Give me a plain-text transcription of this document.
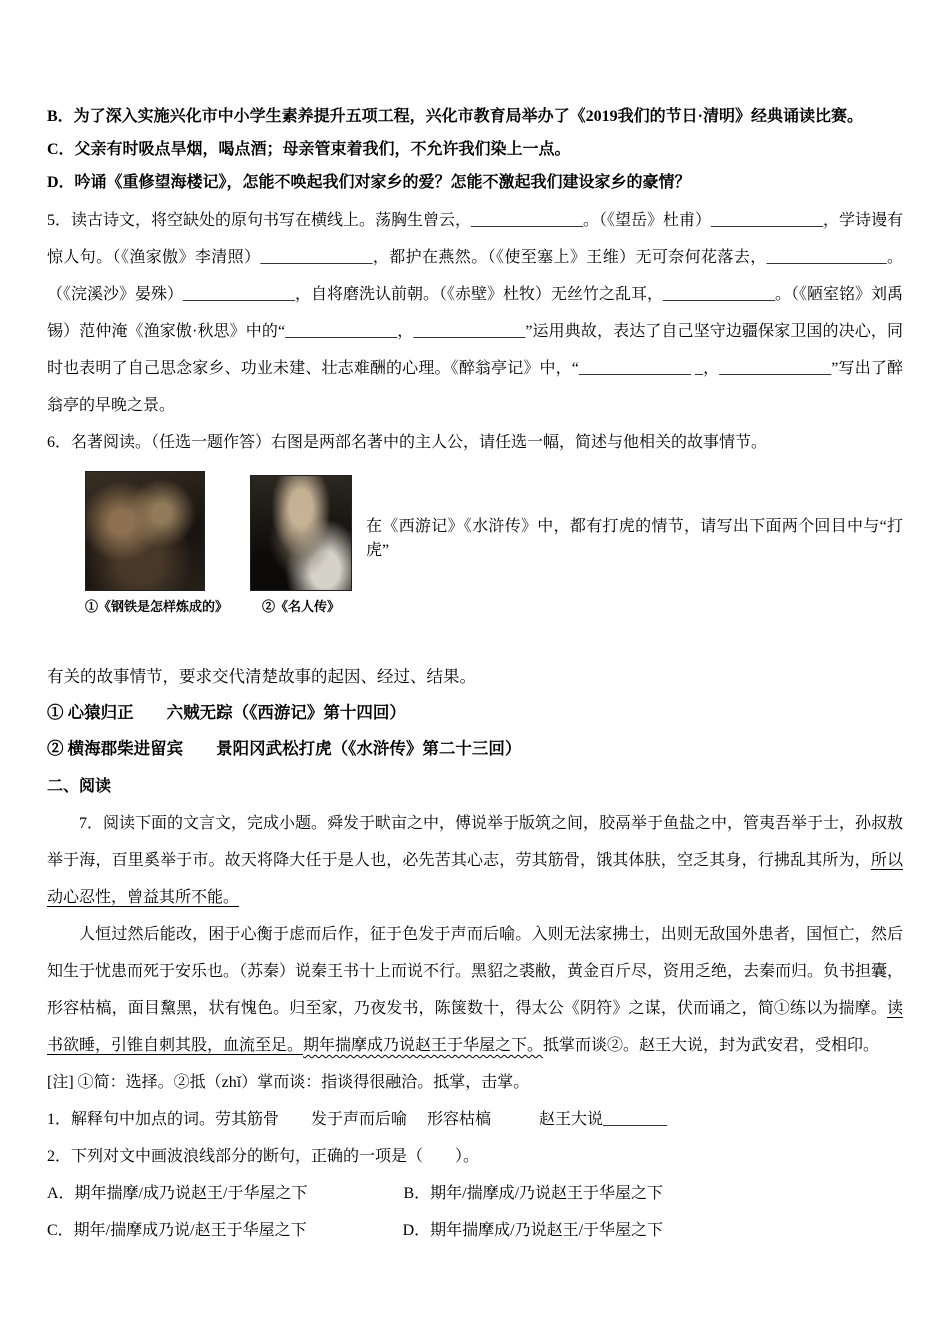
B．为了深入实施兴化市中小学生素养提升五项工程，兴化市教育局举办了《2019我们的节日·清明》经典诵读比赛。

C．父亲有时吸点旱烟，喝点酒；母亲管束着我们，不允许我们染上一点。

D．吟诵《重修望海楼记》，怎能不唤起我们对家乡的爱？怎能不激起我们建设家乡的豪情？

5．读古诗文，将空缺处的原句书写在横线上。荡胸生曾云，______________。（《望岳》杜甫）______________，学诗谩有惊人句。（《渔家傲》李清照）______________，都护在燕然。（《使至塞上》王维）无可奈何花落去，_______________。（《浣溪沙》晏殊）______________，自将磨洗认前朝。（《赤壁》杜牧）无丝竹之乱耳，______________。（《陋室铭》刘禹锡）范仲淹《渔家傲·秋思》中的“______________，______________”运用典故，表达了自己坚守边疆保家卫国的决心，同时也表明了自己思念家乡、功业未建、壮志难酬的心理。《醉翁亭记》中，“______________ _，______________”写出了醉翁亭的早晚之景。

6．名著阅读。（任选一题作答）右图是两部名著中的主人公，请任选一幅，简述与他相关的故事情节。

①《钢铁是怎样炼成的》	②《名人传》
在《西游记》《水浒传》中，都有打虎的情节，请写出下面两个回目中与“打虎”

有关的故事情节，要求交代清楚故事的起因、经过、结果。

① 心猿归正　　六贼无踪（《西游记》第十四回）

② 横海郡柴进留宾　　景阳冈武松打虎（《水浒传》第二十三回）

二、阅读

7．阅读下面的文言文，完成小题。舜发于畎亩之中，傅说举于版筑之间，胶鬲举于鱼盐之中，管夷吾举于士，孙叔敖举于海，百里奚举于市。故天将降大任于是人也，必先苦其心志，劳其筋骨，饿其体肤，空乏其身，行拂乱其所为，所以动心忍性，曾益其所不能。

人恒过然后能改，困于心衡于虑而后作，征于色发于声而后喻。入则无法家拂士，出则无敌国外患者，国恒亡，然后知生于忧患而死于安乐也。（苏秦）说秦王书十上而说不行。黑貂之裘敝，黄金百斤尽，资用乏绝，去秦而归。负书担囊，形容枯槁，面目黧黑，状有愧色。归至家，乃夜发书，陈箧数十，得太公《阴符》之谋，伏而诵之，简①练以为揣摩。读书欲睡，引锥自刺其股，血流至足。期年揣摩成乃说赵王于华屋之下。抵掌而谈②。赵王大说，封为武安君，受相印。

[注] ①简：选择。②抵（zhǐ）掌而谈：指谈得很融洽。抵掌，击掌。

1．解释句中加点的词。劳其筋骨　　发于声而后喻　 形容枯槁　　　赵王大说________

2．下列对文中画波浪线部分的断句，正确的一项是（　　）。

A．期年揣摩/成乃说赵王/于华屋之下　　　　　　B．期年/揣摩成/乃说赵王于华屋之下

C．期年/揣摩成乃说/赵王于华屋之下　　　　　　D．期年揣摩成/乃说赵王/于华屋之下
